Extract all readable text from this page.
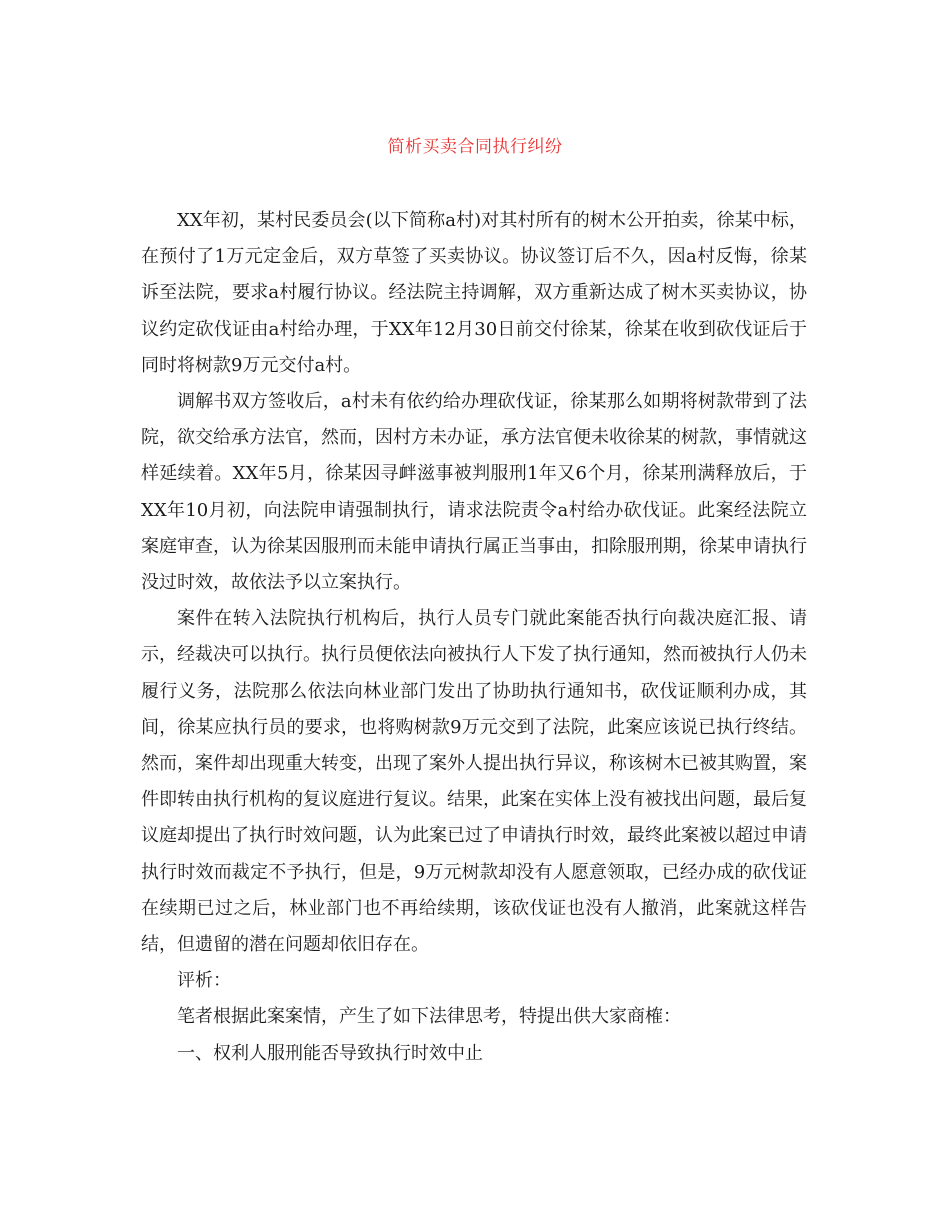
简析买卖合同执行纠纷

XX年初，某村民委员会(以下简称a村)对其村所有的树木公开拍卖，徐某中标，在预付了1万元定金后，双方草签了买卖协议。协议签订后不久，因a村反悔，徐某诉至法院，要求a村履行协议。经法院主持调解，双方重新达成了树木买卖协议，协议约定砍伐证由a村给办理，于XX年12月30日前交付徐某，徐某在收到砍伐证后于同时将树款9万元交付a村。

调解书双方签收后，a村未有依约给办理砍伐证，徐某那么如期将树款带到了法院，欲交给承方法官，然而，因村方未办证，承方法官便未收徐某的树款，事情就这样延续着。XX年5月，徐某因寻衅滋事被判服刑1年又6个月，徐某刑满释放后，于XX年10月初，向法院申请强制执行，请求法院责令a村给办砍伐证。此案经法院立案庭审查，认为徐某因服刑而未能申请执行属正当事由，扣除服刑期，徐某申请执行没过时效，故依法予以立案执行。

案件在转入法院执行机构后，执行人员专门就此案能否执行向裁决庭汇报、请示，经裁决可以执行。执行员便依法向被执行人下发了执行通知，然而被执行人仍未履行义务，法院那么依法向林业部门发出了协助执行通知书，砍伐证顺利办成，其间，徐某应执行员的要求，也将购树款9万元交到了法院，此案应该说已执行终结。然而，案件却出现重大转变，出现了案外人提出执行异议，称该树木已被其购置，案件即转由执行机构的复议庭进行复议。结果，此案在实体上没有被找出问题，最后复议庭却提出了执行时效问题，认为此案已过了申请执行时效，最终此案被以超过申请执行时效而裁定不予执行，但是，9万元树款却没有人愿意领取，已经办成的砍伐证在续期已过之后，林业部门也不再给续期，该砍伐证也没有人撤消，此案就这样告结，但遗留的潜在问题却依旧存在。

评析：

笔者根据此案案情，产生了如下法律思考，特提出供大家商榷：

一、权利人服刑能否导致执行时效中止
